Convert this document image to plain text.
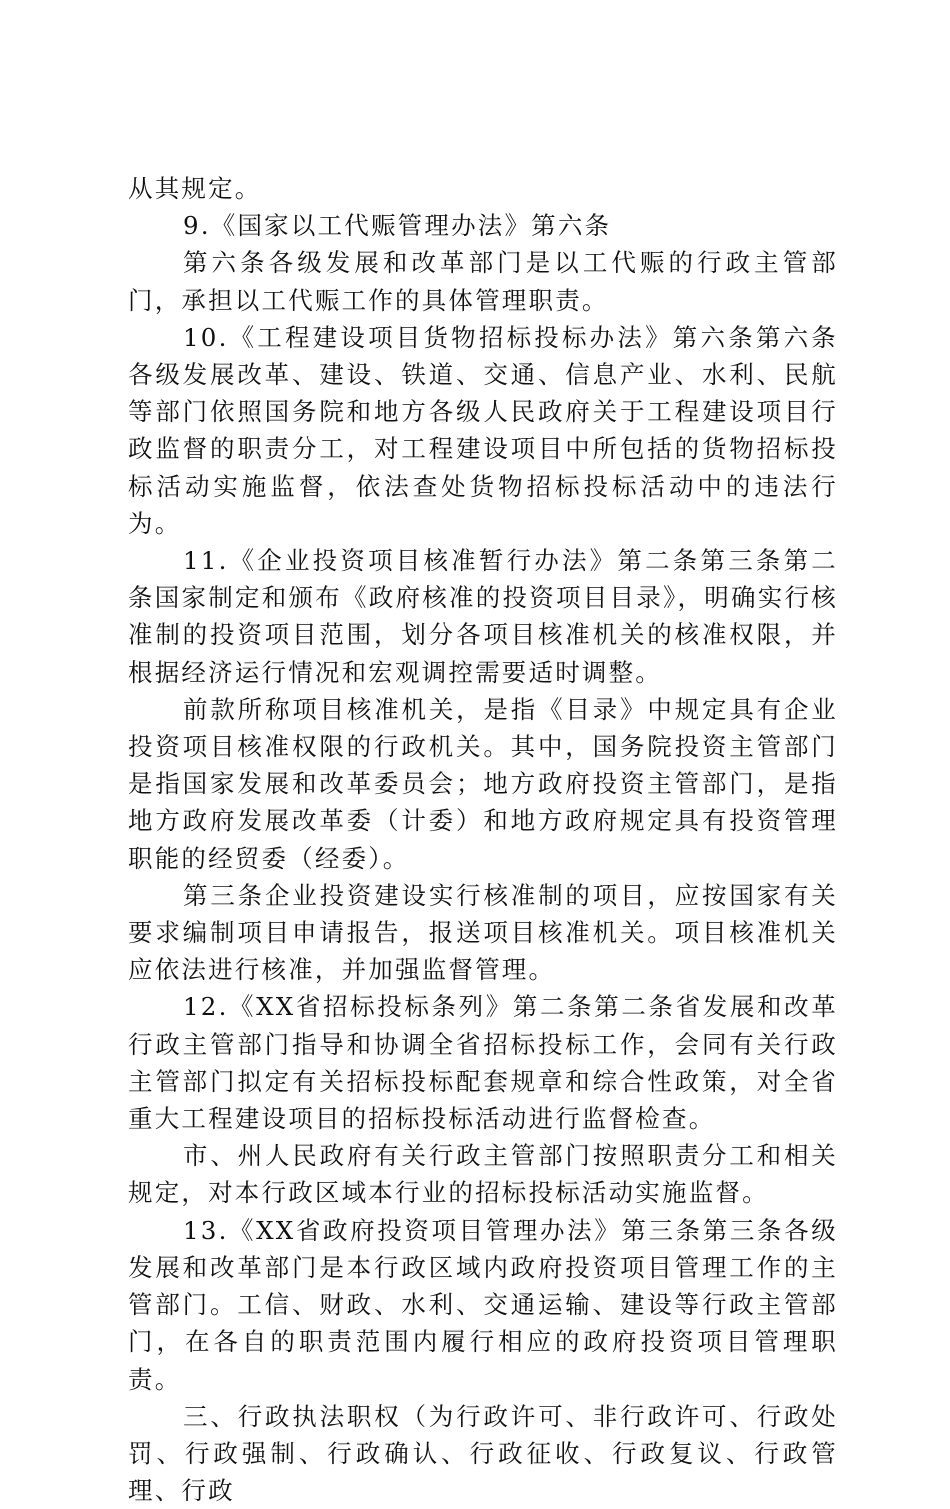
从其规定。

9.《国家以工代赈管理办法》第六条

第六条各级发展和改革部门是以工代赈的行政主管部门，承担以工代赈工作的具体管理职责。

10.《工程建设项目货物招标投标办法》第六条第六条各级发展改革、建设、铁道、交通、信息产业、水利、民航等部门依照国务院和地方各级人民政府关于工程建设项目行政监督的职责分工，对工程建设项目中所包括的货物招标投标活动实施监督，依法查处货物招标投标活动中的违法行为。

11.《企业投资项目核准暂行办法》第二条第三条第二条国家制定和颁布《政府核准的投资项目目录》，明确实行核准制的投资项目范围，划分各项目核准机关的核准权限，并根据经济运行情况和宏观调控需要适时调整。

前款所称项目核准机关，是指《目录》中规定具有企业投资项目核准权限的行政机关。其中，国务院投资主管部门是指国家发展和改革委员会；地方政府投资主管部门，是指地方政府发展改革委（计委）和地方政府规定具有投资管理职能的经贸委（经委）。

第三条企业投资建设实行核准制的项目，应按国家有关要求编制项目申请报告，报送项目核准机关。项目核准机关应依法进行核准，并加强监督管理。

12.《XX省招标投标条列》第二条第二条省发展和改革行政主管部门指导和协调全省招标投标工作，会同有关行政主管部门拟定有关招标投标配套规章和综合性政策，对全省重大工程建设项目的招标投标活动进行监督检查。

市、州人民政府有关行政主管部门按照职责分工和相关规定，对本行政区域本行业的招标投标活动实施监督。

13.《XX省政府投资项目管理办法》第三条第三条各级发展和改革部门是本行政区域内政府投资项目管理工作的主管部门。工信、财政、水利、交通运输、建设等行政主管部门，在各自的职责范围内履行相应的政府投资项目管理职责。

三、行政执法职权（为行政许可、非行政许可、行政处罚、行政强制、行政确认、行政征收、行政复议、行政管理、行政
